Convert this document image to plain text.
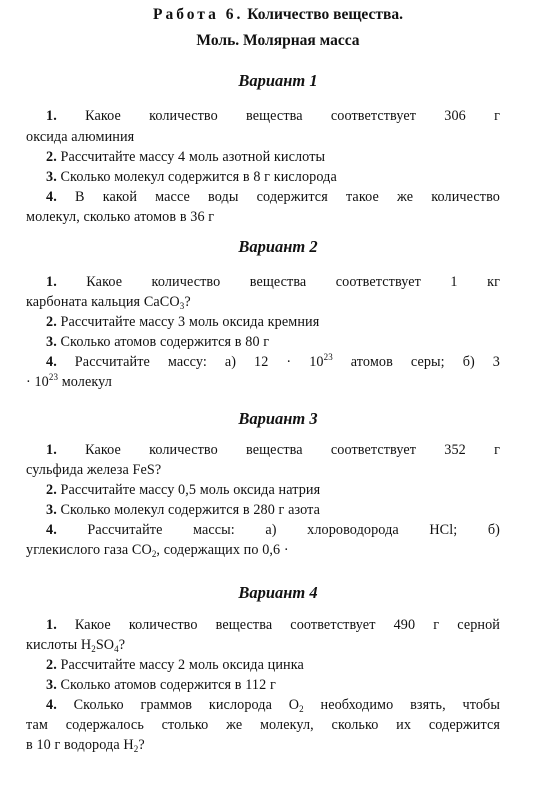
Работа 6. Количество вещества.
Моль. Молярная масса
Вариант 1
1. Какое количество вещества соответствует 306 г
оксида алюминия
2. Рассчитайте массу 4 моль азотной кислоты
3. Сколько молекул содержится в 8 г кислорода
4. В какой массе воды содержится такое же количество
молекул, сколько атомов в 36 г
Вариант 2
1. Какое количество вещества соответствует 1 кг
карбоната кальция CaCO$_3$?
2. Рассчитайте массу 3 моль оксида кремния
3. Сколько атомов содержится в 80 г
4. Рассчитайте массу: а) $12 \cdot 10^{23}$ атомов серы; б) 3
· $10^{23}$ молекул
Вариант 3
1. Какое количество вещества соответствует 352 г
сульфида железа FeS?
2. Рассчитайте массу 0,5 моль оксида натрия
3. Сколько молекул содержится в 280 г азота
4. Рассчитайте массы: а) хлороводорода HCl; б)
углекислого газа $CO_2$, содержащих по 0,6 ·
Вариант 4
1. Какое количество вещества соответствует 490 г серной
кислоты $H_2SO_4$?
2. Рассчитайте массу 2 моль оксида цинка
3. Сколько атомов содержится в 112 г
4. Сколько граммов кислорода $O_2$ необходимо взять, чтобы
там содержалось столько же молекул, сколько их содержится
в 10 г водорода $H_2$?
